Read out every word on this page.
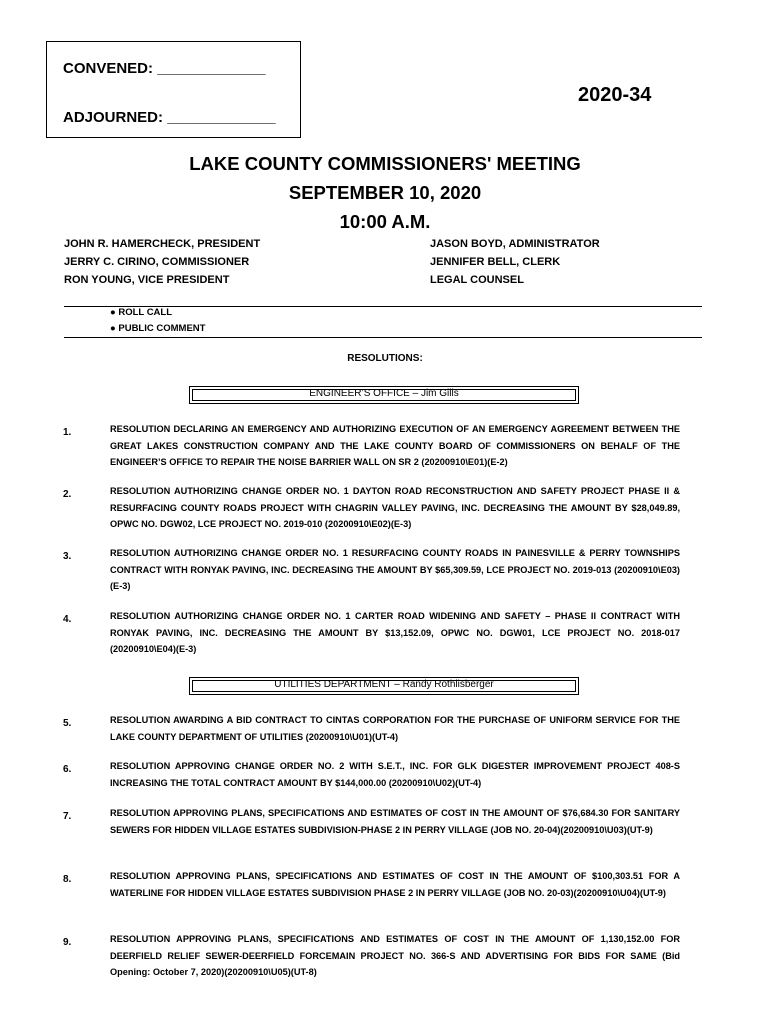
CONVENED: _____________
ADJOURNED: _____________
2020-34
LAKE COUNTY COMMISSIONERS' MEETING
SEPTEMBER 10, 2020
10:00 A.M.
JOHN R. HAMERCHECK, PRESIDENT
JERRY C. CIRINO, COMMISSIONER
RON YOUNG, VICE PRESIDENT
JASON BOYD, ADMINISTRATOR
JENNIFER BELL, CLERK
LEGAL COUNSEL
● ROLL CALL
● PUBLIC COMMENT
RESOLUTIONS:
ENGINEER’S OFFICE – Jim Gills
1.	RESOLUTION DECLARING AN EMERGENCY AND AUTHORIZING EXECUTION OF AN EMERGENCY AGREEMENT BETWEEN THE GREAT LAKES CONSTRUCTION COMPANY AND THE LAKE COUNTY BOARD OF COMMISSIONERS ON BEHALF OF THE ENGINEER’S OFFICE TO REPAIR THE NOISE BARRIER WALL ON SR 2 (20200910\E01)(E-2)
2.	RESOLUTION AUTHORIZING CHANGE ORDER NO. 1 DAYTON ROAD RECONSTRUCTION AND SAFETY PROJECT PHASE II & RESURFACING COUNTY ROADS PROJECT WITH CHAGRIN VALLEY PAVING, INC. DECREASING THE AMOUNT BY $28,049.89, OPWC NO. DGW02, LCE PROJECT NO. 2019-010 (20200910\E02)(E-3)
3.	RESOLUTION AUTHORIZING CHANGE ORDER NO. 1 RESURFACING COUNTY ROADS IN PAINESVILLE & PERRY TOWNSHIPS CONTRACT WITH RONYAK PAVING, INC. DECREASING THE AMOUNT BY $65,309.59, LCE PROJECT NO. 2019-013 (20200910\E03)(E-3)
4.	RESOLUTION AUTHORIZING CHANGE ORDER NO. 1 CARTER ROAD WIDENING AND SAFETY – PHASE II CONTRACT WITH RONYAK PAVING, INC. DECREASING THE AMOUNT BY $13,152.09, OPWC NO. DGW01, LCE PROJECT NO. 2018-017 (20200910\E04)(E-3)
UTILITIES DEPARTMENT – Randy Rothlisberger
5.	RESOLUTION AWARDING A BID CONTRACT TO CINTAS CORPORATION FOR THE PURCHASE OF UNIFORM SERVICE FOR THE LAKE COUNTY DEPARTMENT OF UTILITIES (20200910\U01)(UT-4)
6.	RESOLUTION APPROVING CHANGE ORDER NO. 2 WITH S.E.T., INC. FOR GLK DIGESTER IMPROVEMENT PROJECT 408-S INCREASING THE TOTAL CONTRACT AMOUNT BY $144,000.00 (20200910\U02)(UT-4)
7.	RESOLUTION APPROVING PLANS, SPECIFICATIONS AND ESTIMATES OF COST IN THE AMOUNT OF $76,684.30 FOR SANITARY SEWERS FOR HIDDEN VILLAGE ESTATES SUBDIVISION-PHASE 2 IN PERRY VILLAGE (JOB NO. 20-04)(20200910\U03)(UT-9)
8.	RESOLUTION APPROVING PLANS, SPECIFICATIONS AND ESTIMATES OF COST IN THE AMOUNT OF $100,303.51 FOR A WATERLINE FOR HIDDEN VILLAGE ESTATES SUBDIVISION PHASE 2 IN PERRY VILLAGE (JOB NO. 20-03)(20200910\U04)(UT-9)
9.	RESOLUTION APPROVING PLANS, SPECIFICATIONS AND ESTIMATES OF COST IN THE AMOUNT OF 1,130,152.00 FOR DEERFIELD RELIEF SEWER-DEERFIELD FORCEMAIN PROJECT NO. 366-S AND ADVERTISING FOR BIDS FOR SAME (Bid Opening: October 7, 2020)(20200910\U05)(UT-8)
